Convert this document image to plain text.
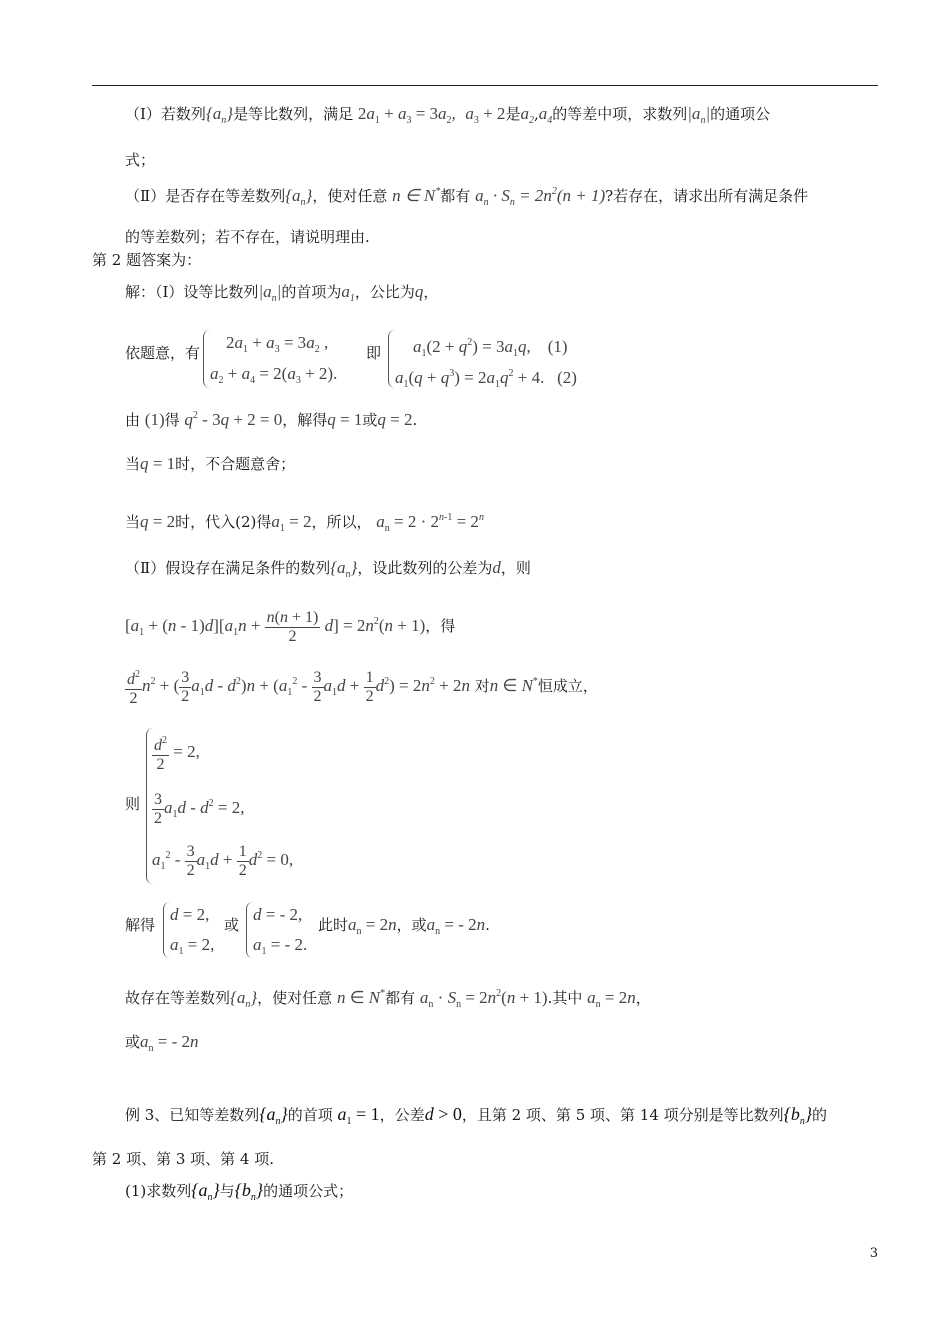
（Ⅰ）若数列$\{a_n\}$是等比数列，满足 $2a_1 + a_3 = 3a_2$, $a_3 + 2$是$a_2,a_4$的等差中项，求数列$|a_n|$的通项公
式；
（Ⅱ）是否存在等差数列$\{a_n\}$，使对任意 n ∈ N*都有 $a_n \cdot S_n = 2n^2(n + 1)$?若存在，请求出所有满足条件
的等差数列；若不存在，请说明理由.
第 2 题答案为：
解：（Ⅰ）设等比数列$|a_n|$的首项为$a_1$，公比为q，
依题意，有
$2a_1 + a_3 = 3a_2$ ,
$a_2 + a_4 = 2(a_3 + 2)$.
即 $a_1(2 + q^2) = 3a_1q$,    (1)
$a_1(q + q^3) = 2a_1q^2 + 4$.   (2)
由 (1)得 $q^2 - 3q + 2 = 0$，解得q = 1或q = 2.
当q = 1时，不合题意舍；
当q = 2时，代入(2)得$a_1 = 2$，所以， $a_n = 2 \cdot 2^{n-1} = 2^n$
（Ⅱ）假设存在满足条件的数列$\{a_n\}$，设此数列的公差为d，则
$[a_1 + (n - 1)d][a_1n + \frac{n(n + 1)}{2} d] = 2n^2(n + 1)$，得
$\frac{d^2}{2} n^2$ + ( $\frac{3}{2} a_1d - d^2)n + (a_1^2 - \frac{3}{2} a_1d + \frac{1}{2} d^2) = 2n^2 + 2n$ 对n ∈ N*恒成立，
则
$\frac{d^2}{2} = 2$,
$\frac{3}{2} a_1d - d^2 = 2$,
$a_1^2 - \frac{3}{2} a_1d + \frac{1}{2} d^2 = 0$,
解得
d = 2,
$a_1 = 2$,
或
d = - 2,
$a_1$ = - 2.
此时$a_n = 2n$，或$a_n$ = - 2n.
故存在等差数列$\{a_n\}$，使对任意 n ∈ N*都有 $a_n \cdot S_n = 2n^2(n + 1)$.其中 $a_n = 2n$，
或$a_n$ = - 2n
例 3、已知等差数列$\{a_n\}$的首项 $a_1 = 1$，公差d > 0，且第 2 项、第 5 项、第 14 项分别是等比数列$\{b_n\}$的
第 2 项、第 3 项、第 4 项.
(1)求数列$\{a_n\}$与$\{b_n\}$的通项公式；
3
